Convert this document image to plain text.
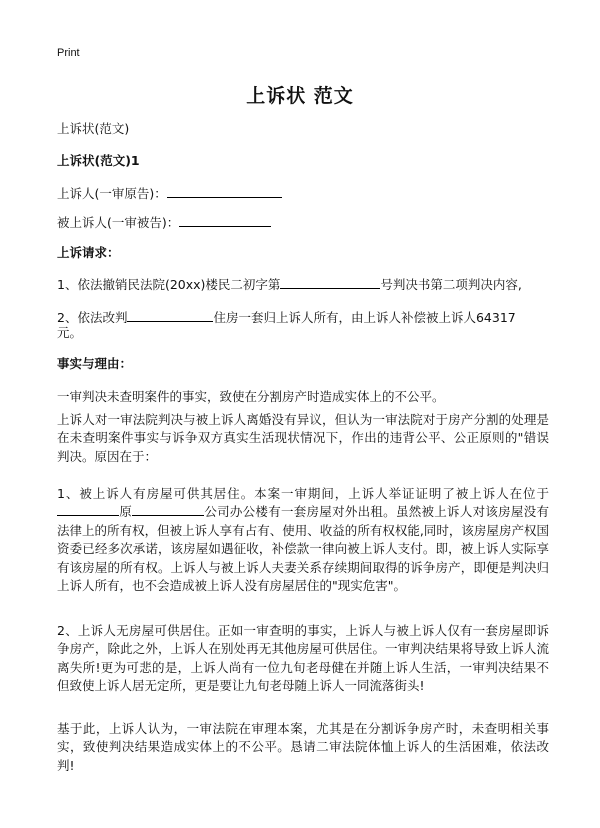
Print
上诉状 范文
上诉状(范文)
上诉状(范文)1
上诉人(一审原告)：
被上诉人(一审被告)：
上诉请求：
1、依法撤销民法院(20xx)楼民二初字第	号判决书第二项判决内容,
2、依法改判	住房一套归上诉人所有，由上诉人补偿被上诉人64317
元。
事实与理由：
一审判决未查明案件的事实，致使在分割房产时造成实体上的不公平。
上诉人对一审法院判决与被上诉人离婚没有异议，但认为一审法院对于房产分割的处理是在未查明案件事实与诉争双方真实生活现状情况下，作出的违背公平、公正原则的"错误判决。原因在于：
1、被上诉人有房屋可供其居住。本案一审期间，上诉人举证证明了被上诉人在位于原	公司办公楼有一套房屋对外出租。虽然被上诉人对该房屋没有法律上的所有权，但被上诉人享有占有、使用、收益的所有权权能,同时，该房屋房产权国资委已经多次承诺，该房屋如遇征收，补偿款一律向被上诉人支付。即，被上诉人实际享有该房屋的所有权。上诉人与被上诉人夫妻关系存续期间取得的诉争房产，即便是判决归上诉人所有，也不会造成被上诉人没有房屋居住的"现实危害"。
2、上诉人无房屋可供居住。正如一审查明的事实，上诉人与被上诉人仅有一套房屋即诉争房产，除此之外，上诉人在别处再无其他房屋可供居住。一审判决结果将导致上诉人流离失所!更为可悲的是，上诉人尚有一位九旬老母健在并随上诉人生活，一审判决结果不但致使上诉人居无定所，更是要让九旬老母随上诉人一同流落街头!
基于此，上诉人认为，一审法院在审理本案，尤其是在分割诉争房产时，未查明相关事实，致使判决结果造成实体上的不公平。恳请二审法院体恤上诉人的生活困难，依法改判!
